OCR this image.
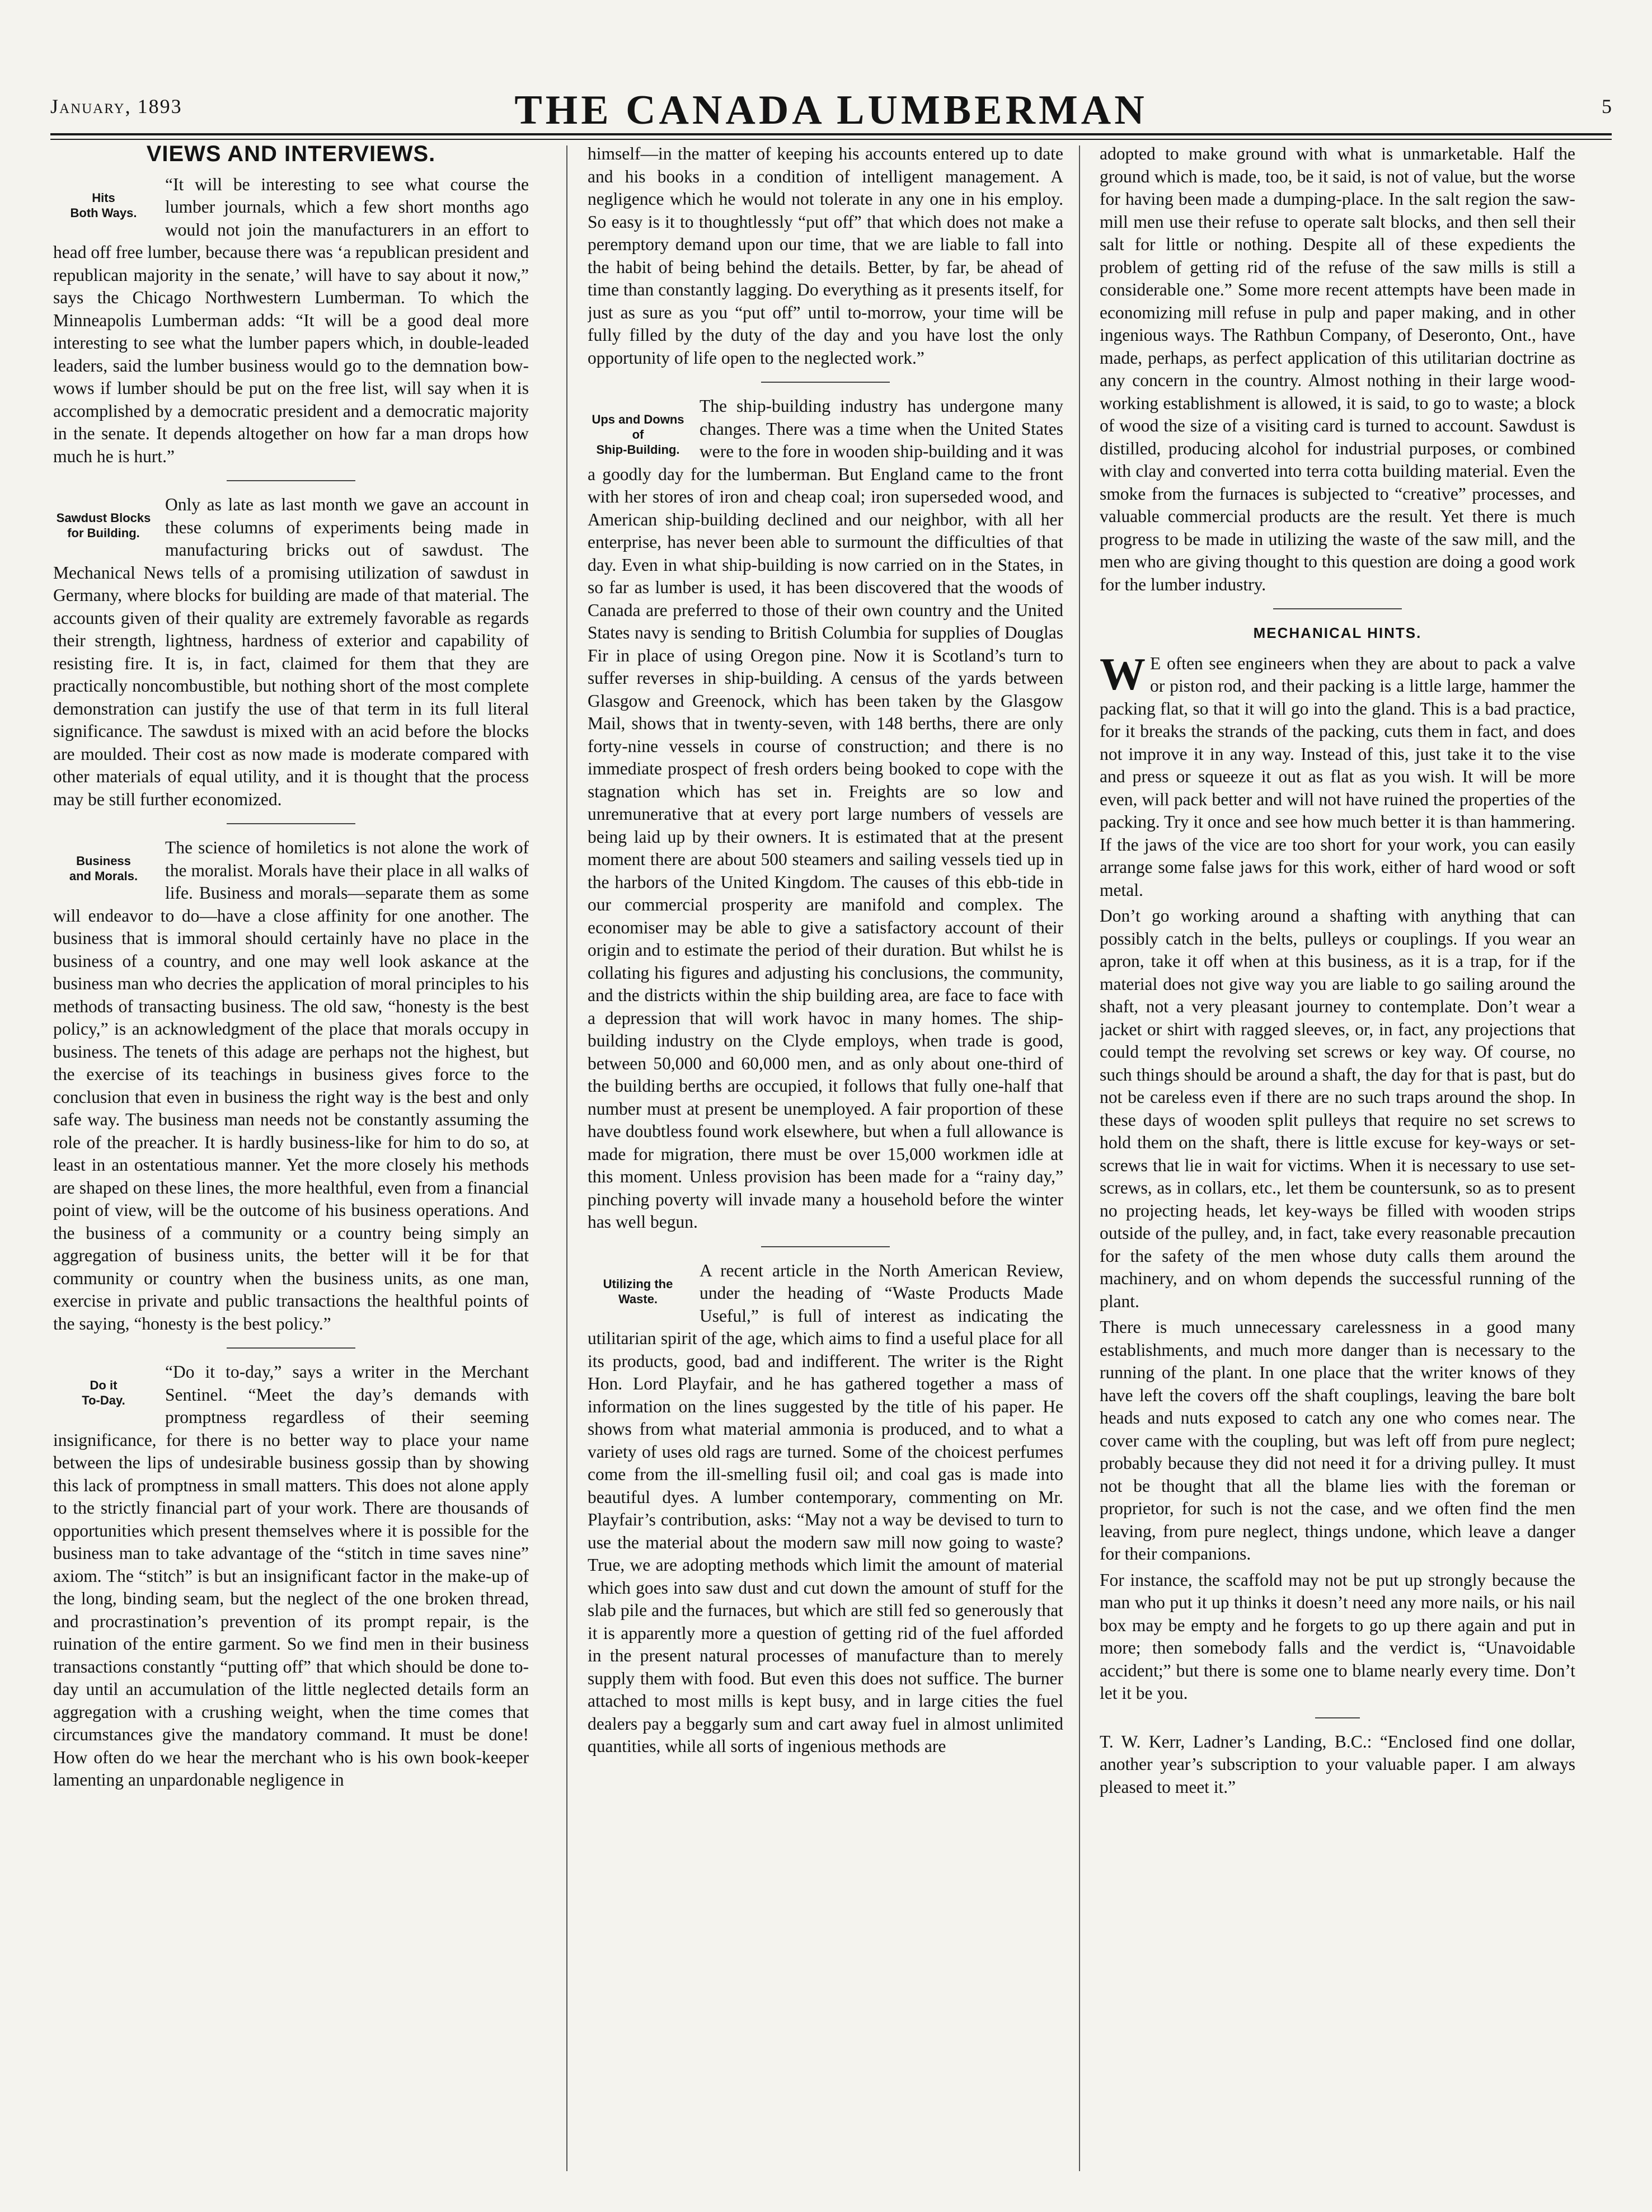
January, 1893	THE CANADA LUMBERMAN	5
VIEWS AND INTERVIEWS.
Hits
Both Ways.

“It will be interesting to see what course the lumber journals, which a few short months ago would not join the manufacturers in an effort to head off free lumber, because there was ‘a republican president and republican majority in the senate,’ will have to say about it now,” says the Chicago Northwestern Lumberman. To which the Minneapolis Lumberman adds: “It will be a good deal more interesting to see what the lumber papers which, in double-leaded leaders, said the lumber business would go to the demnation bow-wows if lumber should be put on the free list, will say when it is accomplished by a democratic president and a democratic majority in the senate. It depends altogether on how far a man drops how much he is hurt.”

Sawdust Blocks
for Building.

Only as late as last month we gave an account in these columns of experiments being made in manufacturing bricks out of sawdust. The Mechanical News tells of a promising utilization of sawdust in Germany, where blocks for building are made of that material. The accounts given of their quality are extremely favorable as regards their strength, lightness, hardness of exterior and capability of resisting fire. It is, in fact, claimed for them that they are practically noncombustible, but nothing short of the most complete demonstration can justify the use of that term in its full literal significance. The sawdust is mixed with an acid before the blocks are moulded. Their cost as now made is moderate compared with other materials of equal utility, and it is thought that the process may be still further economized.

Business
and Morals.

The science of homiletics is not alone the work of the moralist. Morals have their place in all walks of life. Business and morals—separate them as some will endeavor to do—have a close affinity for one another. The business that is immoral should certainly have no place in the business of a country, and one may well look askance at the business man who decries the application of moral principles to his methods of transacting business. The old saw, “honesty is the best policy,” is an acknowledgment of the place that morals occupy in business. The tenets of this adage are perhaps not the highest, but the exercise of its teachings in business gives force to the conclusion that even in business the right way is the best and only safe way. The business man needs not be constantly assuming the role of the preacher. It is hardly business-like for him to do so, at least in an ostentatious manner. Yet the more closely his methods are shaped on these lines, the more healthful, even from a financial point of view, will be the outcome of his business operations. And the business of a community or a country being simply an aggregation of business units, the better will it be for that community or country when the business units, as one man, exercise in private and public transactions the healthful points of the saying, “honesty is the best policy.”

Do it
To-Day.

“Do it to-day,” says a writer in the Merchant Sentinel. “Meet the day’s demands with promptness regardless of their seeming insignificance, for there is no better way to place your name between the lips of undesirable business gossip than by showing this lack of promptness in small matters. This does not alone apply to the strictly financial part of your work. There are thousands of opportunities which present themselves where it is possible for the business man to take advantage of the “stitch in time saves nine” axiom. The “stitch” is but an insignificant factor in the make-up of the long, binding seam, but the neglect of the one broken thread, and procrastination’s prevention of its prompt repair, is the ruination of the entire garment. So we find men in their business transactions constantly “putting off” that which should be done to-day until an accumulation of the little neglected details form an aggregation with a crushing weight, when the time comes that circumstances give the mandatory command. It must be done! How often do we hear the merchant who is his own book-keeper lamenting an unpardonable negligence in

himself—in the matter of keeping his accounts entered up to date and his books in a condition of intelligent management. A negligence which he would not tolerate in any one in his employ. So easy is it to thoughtlessly “put off” that which does not make a peremptory demand upon our time, that we are liable to fall into the habit of being behind the details. Better, by far, be ahead of time than constantly lagging. Do everything as it presents itself, for just as sure as you “put off” until to-morrow, your time will be fully filled by the duty of the day and you have lost the only opportunity of life open to the neglected work.”

Ups and Downs of
Ship-Building.

The ship-building industry has undergone many changes. There was a time when the United States were to the fore in wooden ship-building and it was a goodly day for the lumberman. But England came to the front with her stores of iron and cheap coal; iron superseded wood, and American ship-building declined and our neighbor, with all her enterprise, has never been able to surmount the difficulties of that day. Even in what ship-building is now carried on in the States, in so far as lumber is used, it has been discovered that the woods of Canada are preferred to those of their own country and the United States navy is sending to British Columbia for supplies of Douglas Fir in place of using Oregon pine. Now it is Scotland’s turn to suffer reverses in ship-building. A census of the yards between Glasgow and Greenock, which has been taken by the Glasgow Mail, shows that in twenty-seven, with 148 berths, there are only forty-nine vessels in course of construction; and there is no immediate prospect of fresh orders being booked to cope with the stagnation which has set in. Freights are so low and unremunerative that at every port large numbers of vessels are being laid up by their owners. It is estimated that at the present moment there are about 500 steamers and sailing vessels tied up in the harbors of the United Kingdom. The causes of this ebb-tide in our commercial prosperity are manifold and complex. The economiser may be able to give a satisfactory account of their origin and to estimate the period of their duration. But whilst he is collating his figures and adjusting his conclusions, the community, and the districts within the ship building area, are face to face with a depression that will work havoc in many homes. The ship-building industry on the Clyde employs, when trade is good, between 50,000 and 60,000 men, and as only about one-third of the building berths are occupied, it follows that fully one-half that number must at present be unemployed. A fair proportion of these have doubtless found work elsewhere, but when a full allowance is made for migration, there must be over 15,000 workmen idle at this moment. Unless provision has been made for a “rainy day,” pinching poverty will invade many a household before the winter has well begun.

Utilizing the
Waste.

A recent article in the North American Review, under the heading of “Waste Products Made Useful,” is full of interest as indicating the utilitarian spirit of the age, which aims to find a useful place for all its products, good, bad and indifferent. The writer is the Right Hon. Lord Playfair, and he has gathered together a mass of information on the lines suggested by the title of his paper. He shows from what material ammonia is produced, and to what a variety of uses old rags are turned. Some of the choicest perfumes come from the ill-smelling fusil oil; and coal gas is made into beautiful dyes. A lumber contemporary, commenting on Mr. Playfair’s contribution, asks: “May not a way be devised to turn to use the material about the modern saw mill now going to waste? True, we are adopting methods which limit the amount of material which goes into saw dust and cut down the amount of stuff for the slab pile and the furnaces, but which are still fed so generously that it is apparently more a question of getting rid of the fuel afforded in the present natural processes of manufacture than to merely supply them with food. But even this does not suffice. The burner attached to most mills is kept busy, and in large cities the fuel dealers pay a beggarly sum and cart away fuel in almost unlimited quantities, while all sorts of ingenious methods are

adopted to make ground with what is unmarketable. Half the ground which is made, too, be it said, is not of value, but the worse for having been made a dumping-place. In the salt region the saw-mill men use their refuse to operate salt blocks, and then sell their salt for little or nothing. Despite all of these expedients the problem of getting rid of the refuse of the saw mills is still a considerable one.” Some more recent attempts have been made in economizing mill refuse in pulp and paper making, and in other ingenious ways. The Rathbun Company, of Deseronto, Ont., have made, perhaps, as perfect application of this utilitarian doctrine as any concern in the country. Almost nothing in their large wood-working establishment is allowed, it is said, to go to waste; a block of wood the size of a visiting card is turned to account. Sawdust is distilled, producing alcohol for industrial purposes, or combined with clay and converted into terra cotta building material. Even the smoke from the furnaces is subjected to “creative” processes, and valuable commercial products are the result. Yet there is much progress to be made in utilizing the waste of the saw mill, and the men who are giving thought to this question are doing a good work for the lumber industry.

MECHANICAL HINTS.

W E often see engineers when they are about to pack a valve or piston rod, and their packing is a little large, hammer the packing flat, so that it will go into the gland. This is a bad practice, for it breaks the strands of the packing, cuts them in fact, and does not improve it in any way. Instead of this, just take it to the vise and press or squeeze it out as flat as you wish. It will be more even, will pack better and will not have ruined the properties of the packing. Try it once and see how much better it is than hammering. If the jaws of the vice are too short for your work, you can easily arrange some false jaws for this work, either of hard wood or soft metal.

Don’t go working around a shafting with anything that can possibly catch in the belts, pulleys or couplings. If you wear an apron, take it off when at this business, as it is a trap, for if the material does not give way you are liable to go sailing around the shaft, not a very pleasant journey to contemplate. Don’t wear a jacket or shirt with ragged sleeves, or, in fact, any projections that could tempt the revolving set screws or key way. Of course, no such things should be around a shaft, the day for that is past, but do not be careless even if there are no such traps around the shop. In these days of wooden split pulleys that require no set screws to hold them on the shaft, there is little excuse for key-ways or set-screws that lie in wait for victims. When it is necessary to use set-screws, as in collars, etc., let them be countersunk, so as to present no projecting heads, let key-ways be filled with wooden strips outside of the pulley, and, in fact, take every reasonable precaution for the safety of the men whose duty calls them around the machinery, and on whom depends the successful running of the plant.

There is much unnecessary carelessness in a good many establishments, and much more danger than is necessary to the running of the plant. In one place that the writer knows of they have left the covers off the shaft couplings, leaving the bare bolt heads and nuts exposed to catch any one who comes near. The cover came with the coupling, but was left off from pure neglect; probably because they did not need it for a driving pulley. It must not be thought that all the blame lies with the foreman or proprietor, for such is not the case, and we often find the men leaving, from pure neglect, things undone, which leave a danger for their companions.

For instance, the scaffold may not be put up strongly because the man who put it up thinks it doesn’t need any more nails, or his nail box may be empty and he forgets to go up there again and put in more; then somebody falls and the verdict is, “Unavoidable accident;” but there is some one to blame nearly every time. Don’t let it be you.

T. W. Kerr, Ladner’s Landing, B.C.: “Enclosed find one dollar, another year’s subscription to your valuable paper. I am always pleased to meet it.”
